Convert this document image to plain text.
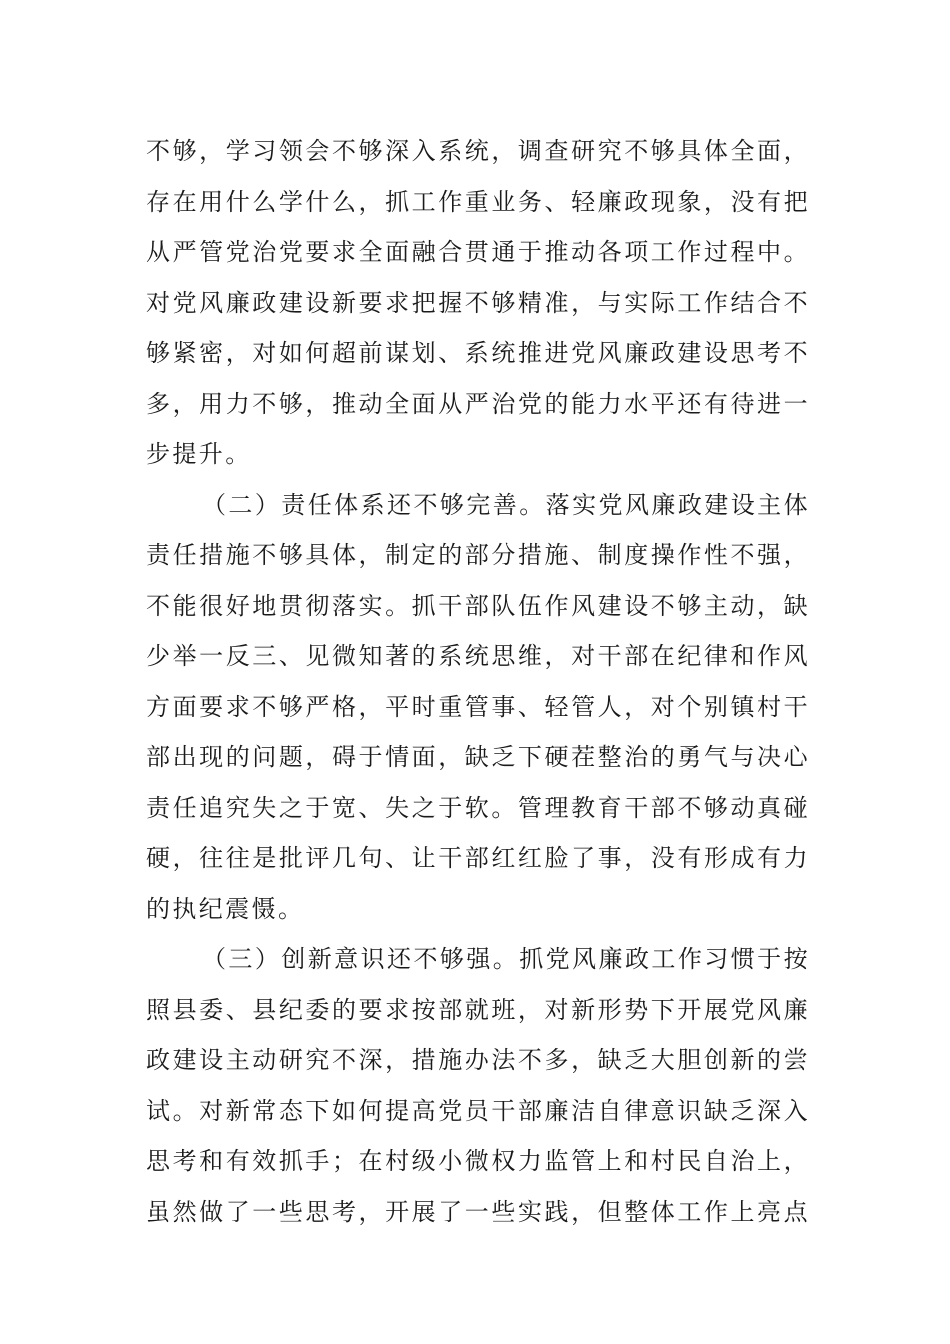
不够，学习领会不够深入系统，调查研究不够具体全面，
存在用什么学什么，抓工作重业务、轻廉政现象，没有把
从严管党治党要求全面融合贯通于推动各项工作过程中。
对党风廉政建设新要求把握不够精准，与实际工作结合不
够紧密，对如何超前谋划、系统推进党风廉政建设思考不
多，用力不够，推动全面从严治党的能力水平还有待进一
步提升。
（二）责任体系还不够完善。落实党风廉政建设主体
责任措施不够具体，制定的部分措施、制度操作性不强，
不能很好地贯彻落实。抓干部队伍作风建设不够主动，缺
少举一反三、见微知著的系统思维，对干部在纪律和作风
方面要求不够严格，平时重管事、轻管人，对个别镇村干
部出现的问题，碍于情面，缺乏下硬茬整治的勇气与决心
责任追究失之于宽、失之于软。管理教育干部不够动真碰
硬，往往是批评几句、让干部红红脸了事，没有形成有力
的执纪震慑。
（三）创新意识还不够强。抓党风廉政工作习惯于按
照县委、县纪委的要求按部就班，对新形势下开展党风廉
政建设主动研究不深，措施办法不多，缺乏大胆创新的尝
试。对新常态下如何提高党员干部廉洁自律意识缺乏深入
思考和有效抓手；在村级小微权力监管上和村民自治上，
虽然做了一些思考，开展了一些实践，但整体工作上亮点
